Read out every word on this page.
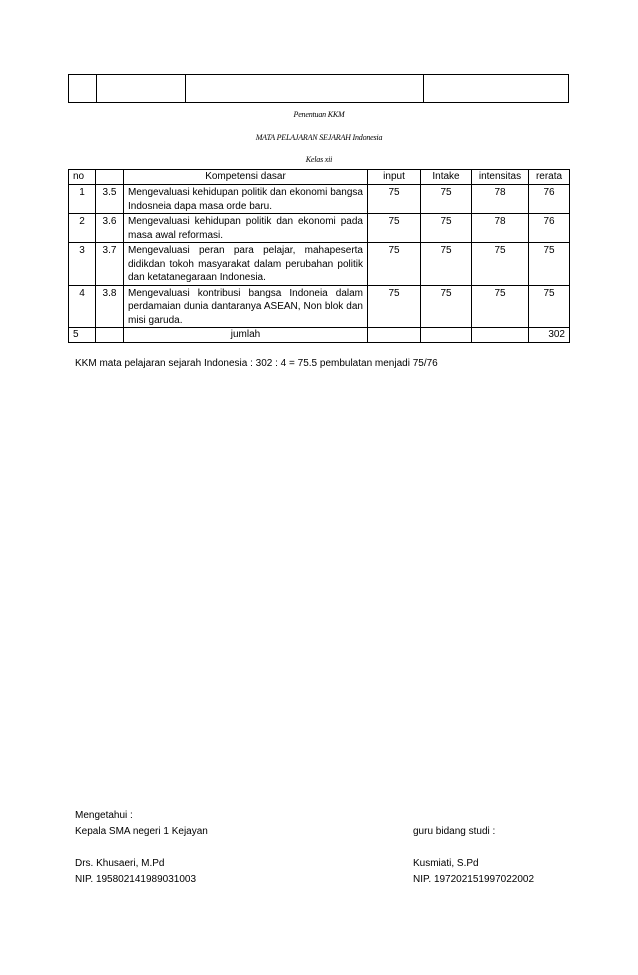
Penentuan KKM
MATA PELAJARAN SEJARAH Indonesia
Kelas xii
no		Kompetensi dasar	input	Intake	intensitas	rerata
1	3.5	Mengevaluasi kehidupan politik dan ekonomi bangsa Indosneia dapa masa orde baru.	75	75	78	76
2	3.6	Mengevaluasi kehidupan politik dan ekonomi pada masa awal reformasi.	75	75	78	76
3	3.7	Mengevaluasi peran para pelajar, mahapeserta didikdan tokoh masyarakat dalam perubahan politik dan ketatanegaraan Indonesia.	75	75	75	75
4	3.8	Mengevaluasi kontribusi bangsa Indoneia dalam perdamaian dunia dantaranya ASEAN, Non blok dan misi garuda.	75	75	75	75
5		jumlah				302
KKM mata pelajaran sejarah Indonesia : 302 : 4 = 75.5 pembulatan menjadi 75/76
Mengetahui :
Kepala SMA negeri 1 Kejayan
Drs. Khusaeri, M.Pd
NIP. 195802141989031003
guru bidang studi :
Kusmiati, S.Pd
NIP. 197202151997022002
